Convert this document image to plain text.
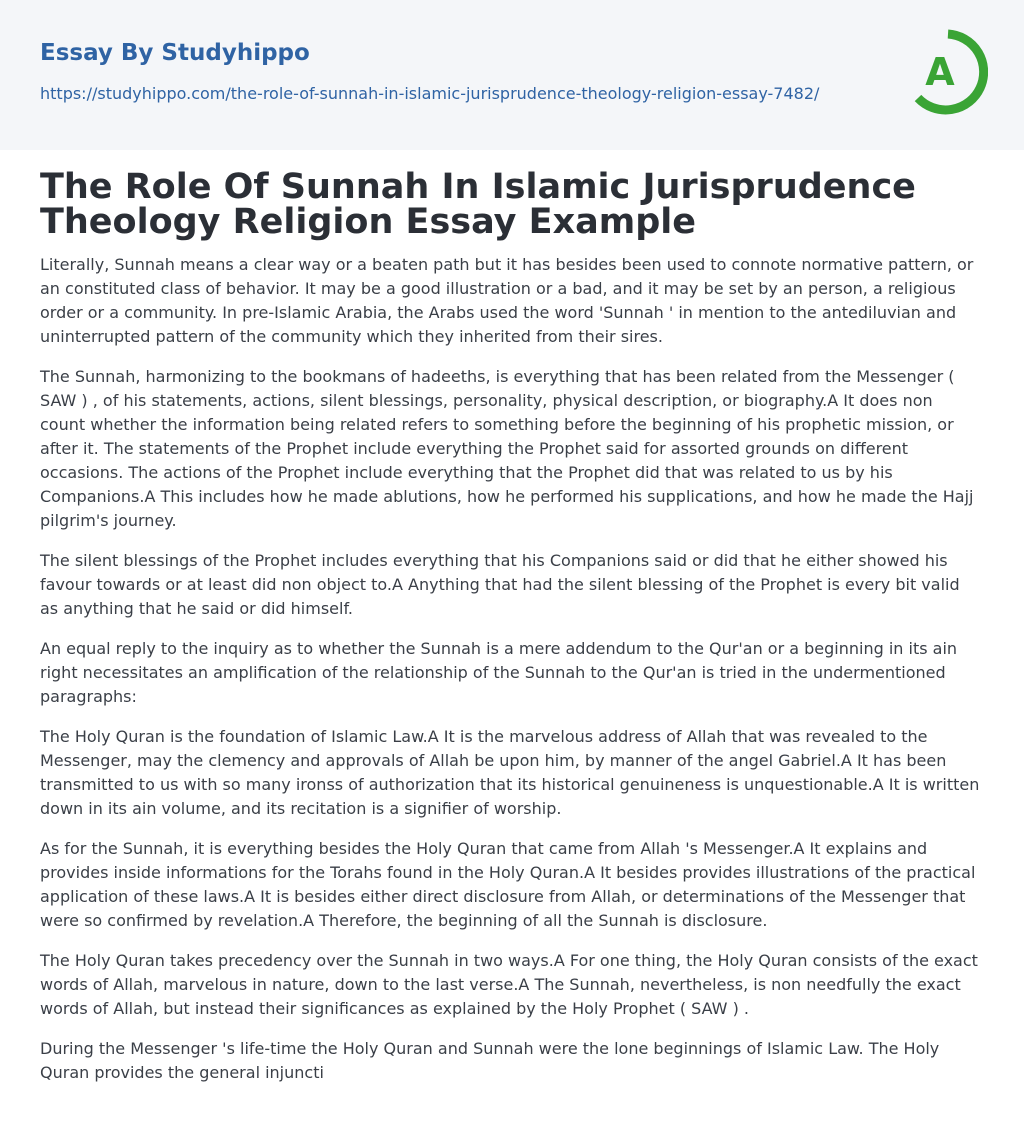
Essay By Studyhippo
https://studyhippo.com/the-role-of-sunnah-in-islamic-jurisprudence-theology-religion-essay-7482/	A
The Role Of Sunnah In Islamic Jurisprudence Theology Religion Essay Example

Literally, Sunnah means a clear way or a beaten path but it has besides been used to connote normative pattern, or an constituted class of behavior. It may be a good illustration or a bad, and it may be set by an person, a religious order or a community. In pre-Islamic Arabia, the Arabs used the word 'Sunnah ' in mention to the antediluvian and uninterrupted pattern of the community which they inherited from their sires.

The Sunnah, harmonizing to the bookmans of hadeeths, is everything that has been related from the Messenger ( SAW ) , of his statements, actions, silent blessings, personality, physical description, or biography.A It does non count whether the information being related refers to something before the beginning of his prophetic mission, or after it. The statements of the Prophet include everything the Prophet said for assorted grounds on different occasions. The actions of the Prophet include everything that the Prophet did that was related to us by his Companions.A This includes how he made ablutions, how he performed his supplications, and how he made the Hajj pilgrim's journey.

The silent blessings of the Prophet includes everything that his Companions said or did that he either showed his favour towards or at least did non object to.A Anything that had the silent blessing of the Prophet is every bit valid as anything that he said or did himself.

An equal reply to the inquiry as to whether the Sunnah is a mere addendum to the Qur'an or a beginning in its ain right necessitates an amplification of the relationship of the Sunnah to the Qur'an is tried in the undermentioned paragraphs:

The Holy Quran is the foundation of Islamic Law.A It is the marvelous address of Allah that was revealed to the Messenger, may the clemency and approvals of Allah be upon him, by manner of the angel Gabriel.A It has been transmitted to us with so many ironss of authorization that its historical genuineness is unquestionable.A It is written down in its ain volume, and its recitation is a signifier of worship.

As for the Sunnah, it is everything besides the Holy Quran that came from Allah 's Messenger.A It explains and provides inside informations for the Torahs found in the Holy Quran.A It besides provides illustrations of the practical application of these laws.A It is besides either direct disclosure from Allah, or determinations of the Messenger that were so confirmed by revelation.A Therefore, the beginning of all the Sunnah is disclosure.

The Holy Quran takes precedency over the Sunnah in two ways.A For one thing, the Holy Quran consists of the exact words of Allah, marvelous in nature, down to the last verse.A The Sunnah, nevertheless, is non needfully the exact words of Allah, but instead their significances as explained by the Holy Prophet ( SAW ) .

During the Messenger 's life-time the Holy Quran and Sunnah were the lone beginnings of Islamic Law. The Holy Quran provides the general injuncti
